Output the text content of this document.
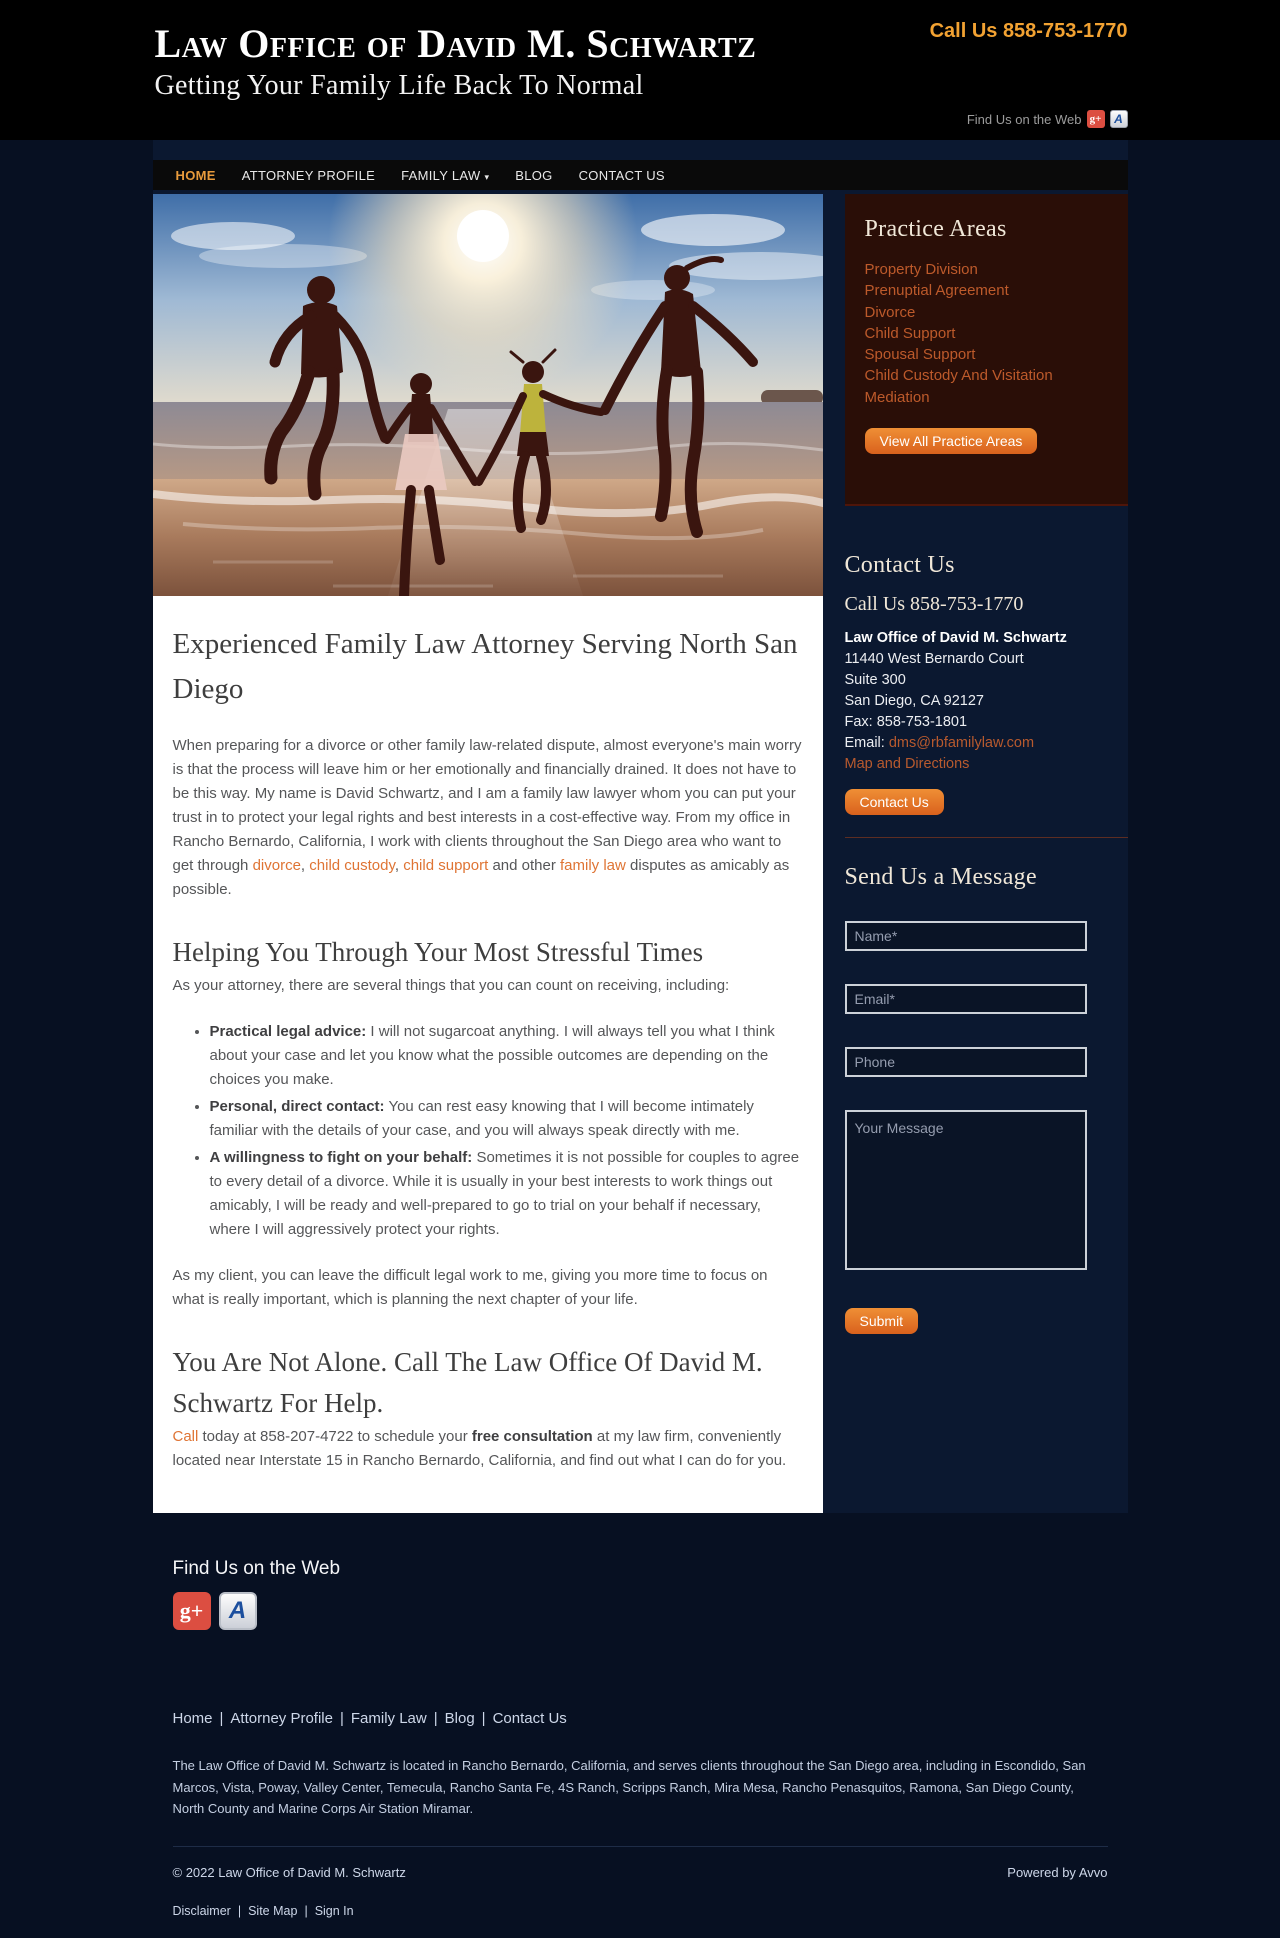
Law Office of David M. Schwartz
Getting Your Family Life Back To Normal
Call Us 858-753-1770
Find Us on the Web g+	A
HOME	ATTORNEY PROFILE	FAMILY LAW ▾	BLOG	CONTACT US
Experienced Family Law Attorney Serving North San Diego

When preparing for a divorce or other family law-related dispute, almost everyone's main worry is that the process will leave him or her emotionally and financially drained. It does not have to be this way. My name is David Schwartz, and I am a family law lawyer whom you can put your trust in to protect your legal rights and best interests in a cost-effective way. From my office in Rancho Bernardo, California, I work with clients throughout the San Diego area who want to get through divorce, child custody, child support and other family law disputes as amicably as possible.

Helping You Through Your Most Stressful Times

As your attorney, there are several things that you can count on receiving, including:

• Practical legal advice: I will not sugarcoat anything. I will always tell you what I think about your case and let you know what the possible outcomes are depending on the choices you make.
• Personal, direct contact: You can rest easy knowing that I will become intimately familiar with the details of your case, and you will always speak directly with me.
• A willingness to fight on your behalf: Sometimes it is not possible for couples to agree to every detail of a divorce. While it is usually in your best interests to work things out amicably, I will be ready and well-prepared to go to trial on your behalf if necessary, where I will aggressively protect your rights.

As my client, you can leave the difficult legal work to me, giving you more time to focus on what is really important, which is planning the next chapter of your life.

You Are Not Alone. Call The Law Office Of David M. Schwartz For Help.

Call today at 858-207-4722 to schedule your free consultation at my law firm, conveniently located near Interstate 15 in Rancho Bernardo, California, and find out what I can do for you.

Practice Areas
Property Division
Prenuptial Agreement
Divorce
Child Support
Spousal Support
Child Custody And Visitation
Mediation
View All Practice Areas
Contact Us
Call Us 858-753-1770
Law Office of David M. Schwartz
11440 West Bernardo Court
Suite 300
San Diego, CA 92127
Fax: 858-753-1801
Email: dms@rbfamilylaw.com
Map and Directions
Contact Us
Send Us a Message
Name*
Email*
Phone
Your Message
Submit
Find Us on the Web
g+	A
Home | Attorney Profile | Family Law | Blog | Contact Us

The Law Office of David M. Schwartz is located in Rancho Bernardo, California, and serves clients throughout the San Diego area, including in Escondido, San Marcos, Vista, Poway, Valley Center, Temecula, Rancho Santa Fe, 4S Ranch, Scripps Ranch, Mira Mesa, Rancho Penasquitos, Ramona, San Diego County, North County and Marine Corps Air Station Miramar.

© 2022 Law Office of David M. Schwartz	Powered by Avvo
Disclaimer | Site Map | Sign In
